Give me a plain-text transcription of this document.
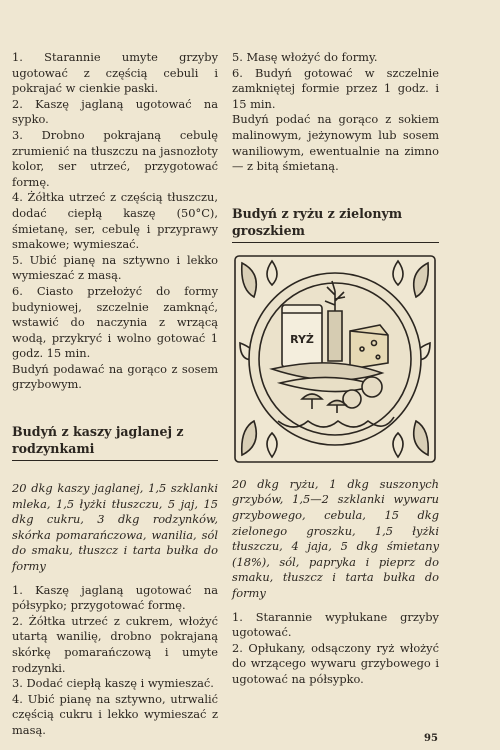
1. Starannie umyte grzyby ugotować z częścią cebuli i pokrajać w cienkie paski.

2. Kaszę jaglaną ugotować na sypko.

3. Drobno pokrajaną cebulę zrumienić na tłuszczu na jasnozłoty kolor, ser utrzeć, przygotować formę.

4. Żółtka utrzeć z częścią tłuszczu, dodać ciepłą kaszę (50°C), śmietanę, ser, cebulę i przyprawy smakowe; wymieszać.

5. Ubić pianę na sztywno i lekko wymieszać z masą.

6. Ciasto przełożyć do formy budyniowej, szczelnie zamknąć, wstawić do naczynia z wrzącą wodą, przykryć i wolno gotować 1 godz. 15 min.

Budyń podawać na gorąco z sosem grzybowym.

Budyń z kaszy jaglanej z rodzynkami

20 dkg kaszy jaglanej, 1,5 szklanki mleka, 1,5 łyżki tłuszczu, 5 jaj, 15 dkg cukru, 3 dkg rodzynków, skórka pomarańczowa, wanilia, sól do smaku, tłuszcz i tarta bułka do formy

1. Kaszę jaglaną ugotować na półsypko; przygotować formę.

2. Żółtka utrzeć z cukrem, włożyć utartą wanilię, drobno pokrajaną skórkę pomarańczową i umyte rodzynki.

3. Dodać ciepłą kaszę i wymieszać.

4. Ubić pianę na sztywno, utrwalić częścią cukru i lekko wymieszać z masą.

5. Masę włożyć do formy.

6. Budyń gotować w szczelnie zamkniętej formie przez 1 godz. i 15 min.

Budyń podać na gorąco z sokiem malinowym, jeżynowym lub sosem waniliowym, ewentualnie na zimno — z bitą śmietaną.

Budyń z ryżu z zielonym groszkiem
RYŻ

20 dkg ryżu, 1 dkg suszonych grzybów, 1,5—2 szklanki wywaru grzybowego, cebula, 15 dkg zielonego groszku, 1,5 łyżki tłuszczu, 4 jaja, 5 dkg śmietany (18%), sól, papryka i pieprz do smaku, tłuszcz i tarta bułka do formy

1. Starannie wypłukane grzyby ugotować.

2. Opłukany, odsączony ryż włożyć do wrzącego wywaru grzybowego i ugotować na półsypko.

95
